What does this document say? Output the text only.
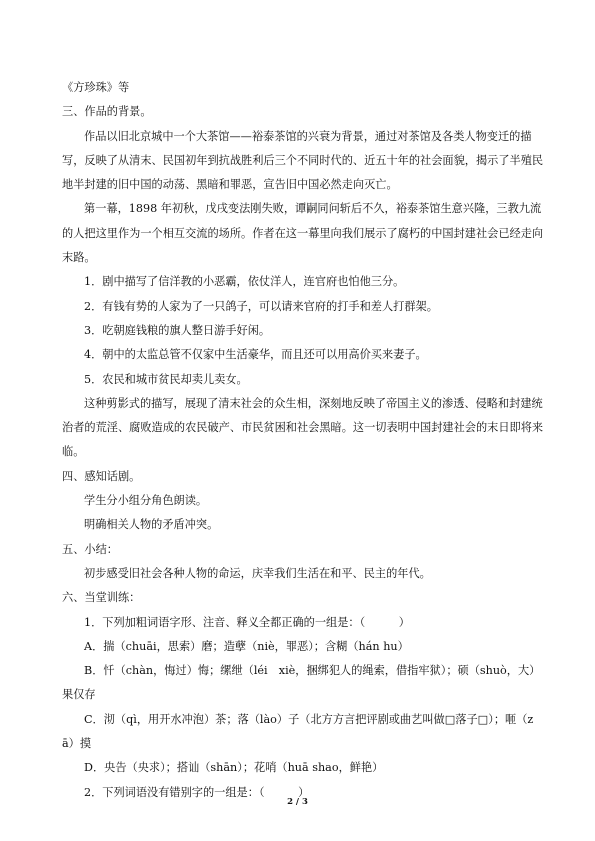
《方珍珠》等

三、作品的背景。

作品以旧北京城中一个大茶馆——裕泰茶馆的兴衰为背景，通过对茶馆及各类人物变迁的描写，反映了从清末、民国初年到抗战胜利后三个不同时代的、近五十年的社会面貌，揭示了半殖民地半封建的旧中国的动荡、黑暗和罪恶，宣告旧中国必然走向灭亡。

第一幕，1898 年初秋，戊戌变法刚失败，谭嗣同问斩后不久，裕泰茶馆生意兴隆，三教九流的人把这里作为一个相互交流的场所。作者在这一幕里向我们展示了腐朽的中国封建社会已经走向末路。

1．剧中描写了信洋教的小恶霸，依仗洋人，连官府也怕他三分。

2．有钱有势的人家为了一只鸽子，可以请来官府的打手和差人打群架。

3．吃朝庭钱粮的旗人整日游手好闲。

4．朝中的太监总管不仅家中生活豪华，而且还可以用高价买来妻子。

5．农民和城市贫民却卖儿卖女。

这种剪影式的描写，展现了清末社会的众生相，深刻地反映了帝国主义的渗透、侵略和封建统治者的荒淫、腐败造成的农民破产、市民贫困和社会黑暗。这一切表明中国封建社会的末日即将来临。

四、感知话剧。

学生分小组分角色朗读。

明确相关人物的矛盾冲突。

五、小结：

初步感受旧社会各种人物的命运，庆幸我们生活在和平、民主的年代。

六、当堂训练：

1．下列加粗词语字形、注音、释义全都正确的一组是：（　　　）

A．揣（chuāi，思索）磨；造孽（niè，罪恶）；含糊（hán hu）

B．忏（chàn，悔过）悔；缧绁（léi　xiè，捆绑犯人的绳索，借指牢狱）；硕（shuò，大）果仅存

C．沏（qì，用开水冲泡）茶；落（lào）子（北方方言把评剧或曲艺叫做□落子□）；咂（zā）摸

D．央告（央求）；搭讪（shān）；花哨（huā shao，鲜艳）

2．下列词语没有错别字的一组是：（　　　）

2 / 3
